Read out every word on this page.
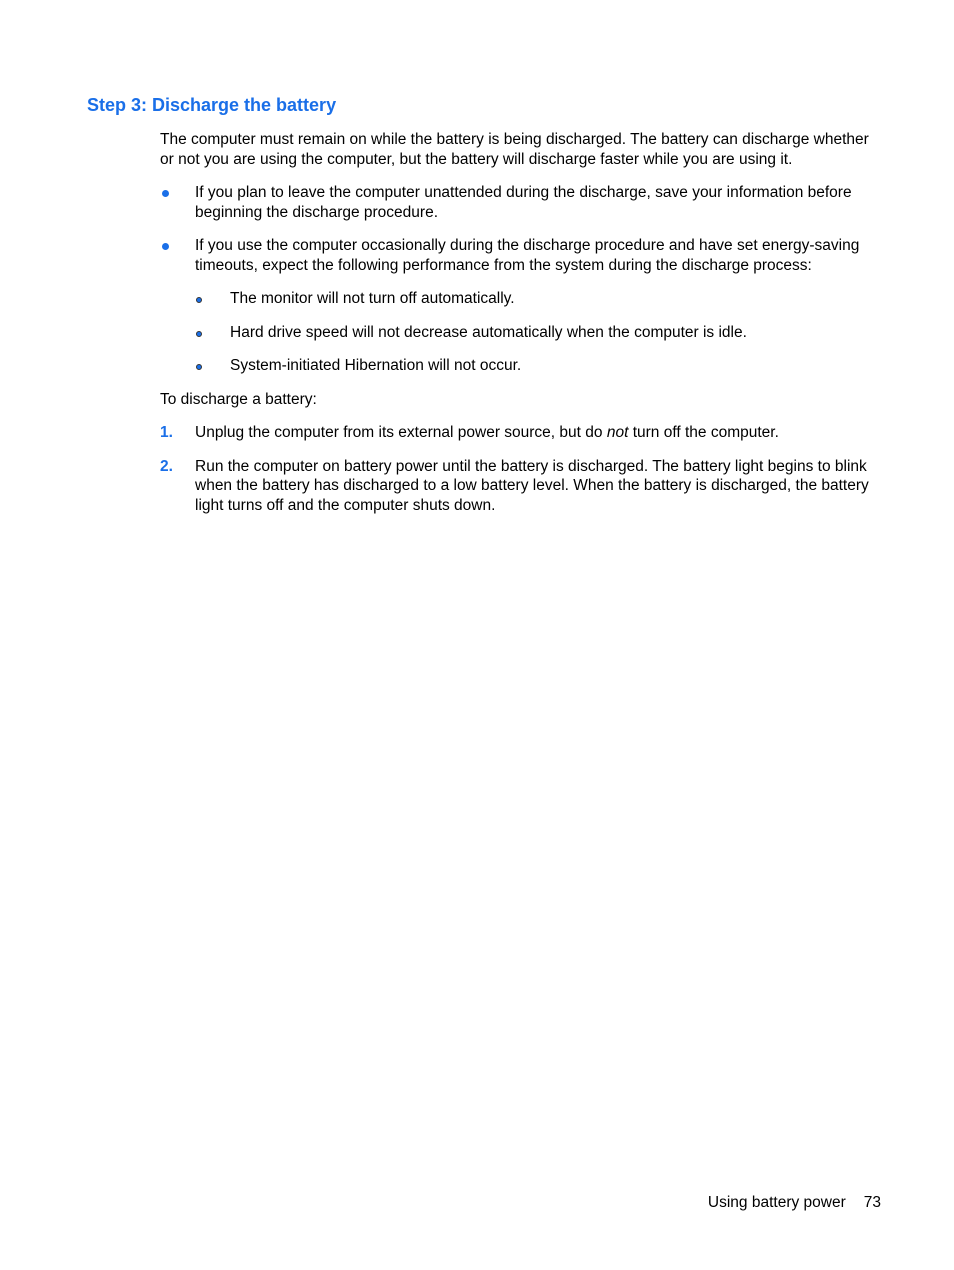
Step 3: Discharge the battery

The computer must remain on while the battery is being discharged. The battery can discharge whether or not you are using the computer, but the battery will discharge faster while you are using it.

If you plan to leave the computer unattended during the discharge, save your information before beginning the discharge procedure.
If you use the computer occasionally during the discharge procedure and have set energy-saving timeouts, expect the following performance from the system during the discharge process:
The monitor will not turn off automatically.
Hard drive speed will not decrease automatically when the computer is idle.
System-initiated Hibernation will not occur.

To discharge a battery:

1. Unplug the computer from its external power source, but do not turn off the computer.
2. Run the computer on battery power until the battery is discharged. The battery light begins to blink when the battery has discharged to a low battery level. When the battery is discharged, the battery light turns off and the computer shuts down.
Using battery power 73
